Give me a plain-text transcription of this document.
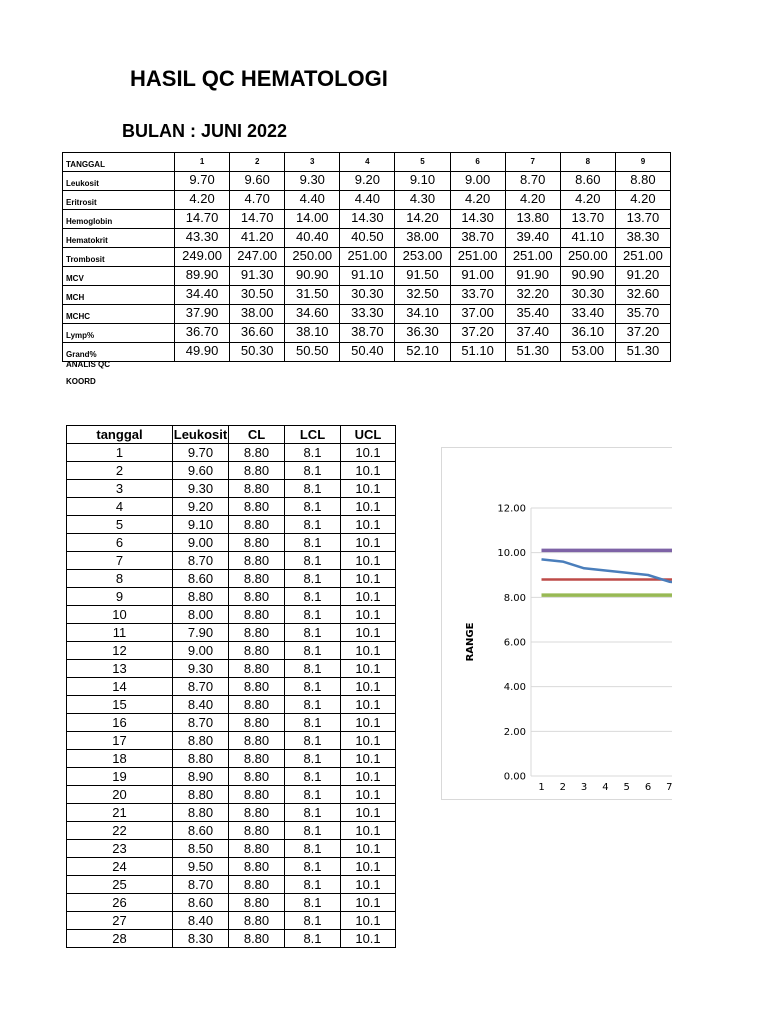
HASIL QC HEMATOLOGI
BULAN : JUNI 2022
TANGGAL	1	2	3	4	5	6	7	8	9
Leukosit	9.70	9.60	9.30	9.20	9.10	9.00	8.70	8.60	8.80
Eritrosit	4.20	4.70	4.40	4.40	4.30	4.20	4.20	4.20	4.20
Hemoglobin	14.70	14.70	14.00	14.30	14.20	14.30	13.80	13.70	13.70
Hematokrit	43.30	41.20	40.40	40.50	38.00	38.70	39.40	41.10	38.30
Trombosit	249.00	247.00	250.00	251.00	253.00	251.00	251.00	250.00	251.00
MCV	89.90	91.30	90.90	91.10	91.50	91.00	91.90	90.90	91.20
MCH	34.40	30.50	31.50	30.30	32.50	33.70	32.20	30.30	32.60
MCHC	37.90	38.00	34.60	33.30	34.10	37.00	35.40	33.40	35.70
Lymp%	36.70	36.60	38.10	38.70	36.30	37.20	37.40	36.10	37.20
Grand%	49.90	50.30	50.50	50.40	52.10	51.10	51.30	53.00	51.30

ANALIS QC

KOORD

tanggal	Leukosit	CL	LCL	UCL
1	9.70	8.80	8.1	10.1
2	9.60	8.80	8.1	10.1
3	9.30	8.80	8.1	10.1
4	9.20	8.80	8.1	10.1
5	9.10	8.80	8.1	10.1
6	9.00	8.80	8.1	10.1
7	8.70	8.80	8.1	10.1
8	8.60	8.80	8.1	10.1
9	8.80	8.80	8.1	10.1
10	8.00	8.80	8.1	10.1
11	7.90	8.80	8.1	10.1
12	9.00	8.80	8.1	10.1
13	9.30	8.80	8.1	10.1
14	8.70	8.80	8.1	10.1
15	8.40	8.80	8.1	10.1
16	8.70	8.80	8.1	10.1
17	8.80	8.80	8.1	10.1
18	8.80	8.80	8.1	10.1
19	8.90	8.80	8.1	10.1
20	8.80	8.80	8.1	10.1
21	8.80	8.80	8.1	10.1
22	8.60	8.80	8.1	10.1
23	8.50	8.80	8.1	10.1
24	9.50	8.80	8.1	10.1
25	8.70	8.80	8.1	10.1
26	8.60	8.80	8.1	10.1
27	8.40	8.80	8.1	10.1
28	8.30	8.80	8.1	10.1
0.00
2.00
4.00
6.00
8.00
10.00
12.00
1 2 3 4 5 6 7
RANGE
